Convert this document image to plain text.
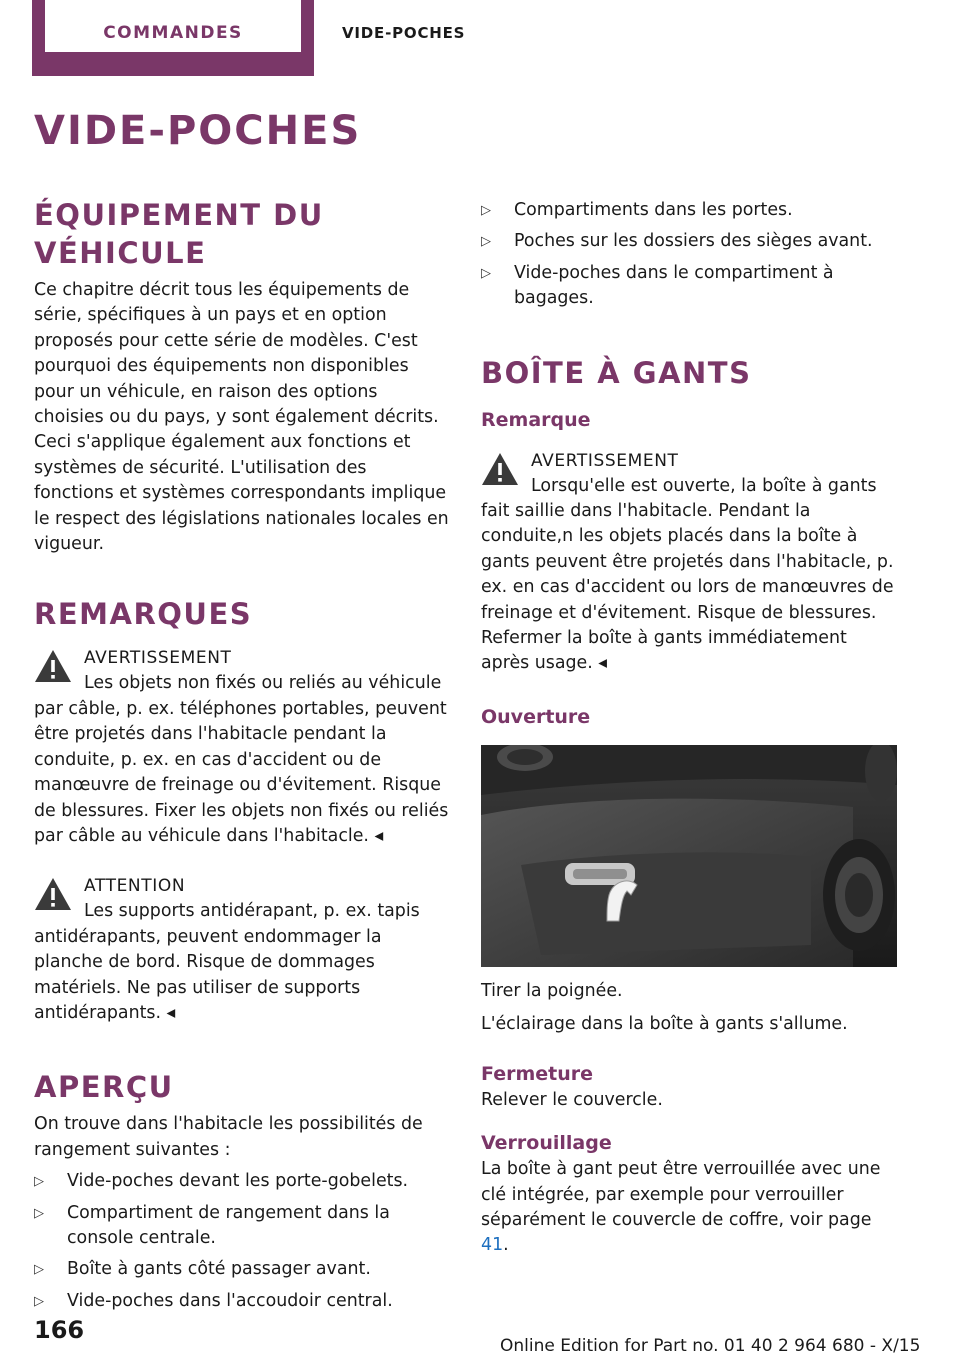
COMMANDES	VIDE-POCHES
VIDE-POCHES
ÉQUIPEMENT DU VÉHICULE

Ce chapitre décrit tous les équipements de série, spécifiques à un pays et en option proposés pour cette série de modèles. C'est pourquoi des équipements non disponibles pour un véhicule, en raison des options choisies ou du pays, y sont également décrits. Ceci s'applique également aux fonctions et systèmes de sécurité. L'utilisation des fonctions et systèmes correspondants implique le respect des législations nationales locales en vigueur.

REMARQUES
AVERTISSEMENT

Les objets non fixés ou reliés au véhicule par câble, p. ex. téléphones portables, peuvent être projetés dans l'habitacle pendant la conduite, p. ex. en cas d'accident ou de manœuvre de freinage ou d'évitement. Risque de blessures. Fixer les objets non fixés ou reliés par câble au véhicule dans l'habitacle. ◂

ATTENTION

Les supports antidérapant, p. ex. tapis antidérapants, peuvent endommager la planche de bord. Risque de dommages matériels. Ne pas utiliser de supports antidérapants. ◂

APERÇU

On trouve dans l'habitacle les possibilités de rangement suivantes :

▷ Vide-poches devant les porte-gobelets.
▷ Compartiment de rangement dans la console centrale.
▷ Boîte à gants côté passager avant.
▷ Vide-poches dans l'accoudoir central.
▷ Compartiments dans les portes.
▷ Poches sur les dossiers des sièges avant.
▷ Vide-poches dans le compartiment à bagages.
BOÎTE À GANTS
Remarque
AVERTISSEMENT

Lorsqu'elle est ouverte, la boîte à gants fait saillie dans l'habitacle. Pendant la conduite,n les objets placés dans la boîte à gants peuvent être projetés dans l'habitacle, p. ex. en cas d'accident ou lors de manœuvres de freinage et d'évitement. Risque de blessures. Refermer la boîte à gants immédiatement après usage. ◂

Ouverture

Tirer la poignée.

L'éclairage dans la boîte à gants s'allume.

Fermeture

Relever le couvercle.

Verrouillage

La boîte à gant peut être verrouillée avec une clé intégrée, par exemple pour verrouiller séparément le couvercle de coffre, voir page 41.

166
Online Edition for Part no. 01 40 2 964 680 - X/15
